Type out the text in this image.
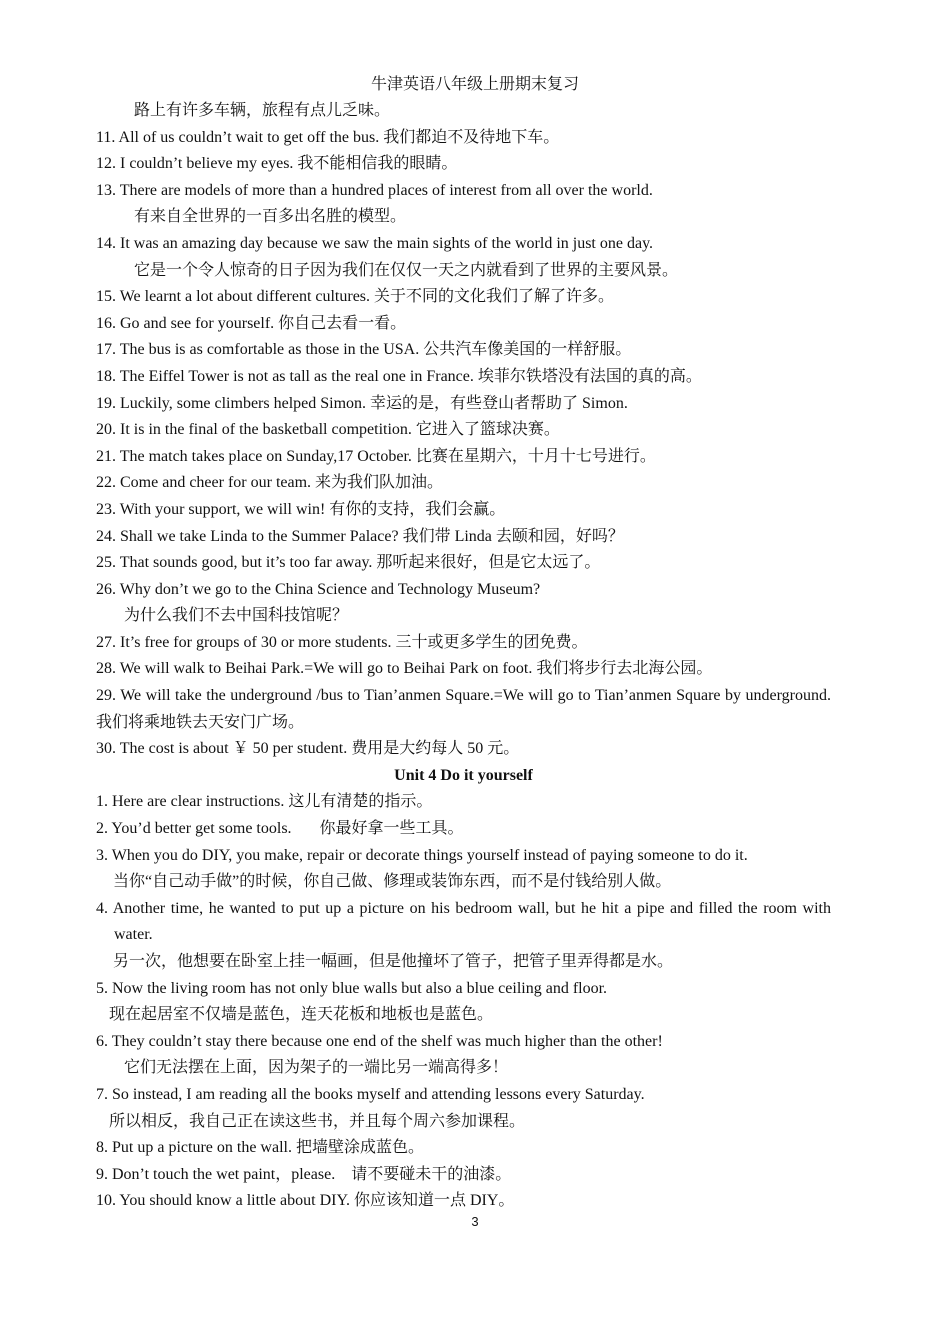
牛津英语八年级上册期末复习
路上有许多车辆，旅程有点儿乏味。
11. All of us couldn’t wait to get off the bus. 我们都迫不及待地下车。
12. I couldn’t believe my eyes. 我不能相信我的眼睛。
13. There are models of more than a hundred places of interest from all over the world.
有来自全世界的一百多出名胜的模型。
14. It was an amazing day because we saw the main sights of the world in just one day.
它是一个令人惊奇的日子因为我们在仅仅一天之内就看到了世界的主要风景。
15. We learnt a lot about different cultures. 关于不同的文化我们了解了许多。
16. Go and see for yourself. 你自己去看一看。
17. The bus is as comfortable as those in the USA. 公共汽车像美国的一样舒服。
18. The Eiffel Tower is not as tall as the real one in France. 埃菲尔铁塔没有法国的真的高。
19. Luckily, some climbers helped Simon. 幸运的是，有些登山者帮助了 Simon.
20. It is in the final of the basketball competition. 它进入了篮球决赛。
21. The match takes place on Sunday,17 October. 比赛在星期六，十月十七号进行。
22. Come and cheer for our team. 来为我们队加油。
23. With your support, we will win! 有你的支持，我们会赢。
24. Shall we take Linda to the Summer Palace? 我们带 Linda 去颐和园，好吗？
25. That sounds good, but it’s too far away. 那听起来很好，但是它太远了。
26. Why don’t we go to the China Science and Technology Museum?
为什么我们不去中国科技馆呢？
27. It’s free for groups of 30 or more students. 三十或更多学生的团免费。
28. We will walk to Beihai Park.=We will go to Beihai Park on foot. 我们将步行去北海公园。
29. We will take the underground /bus to Tian’anmen Square.=We will go to Tian’anmen Square by underground. 我们将乘地铁去天安门广场。
30. The cost is about ￥ 50 per student. 费用是大约每人 50 元。
Unit 4 Do it yourself
1. Here are clear instructions. 这儿有清楚的指示。
2. You’d better get some tools.       你最好拿一些工具。
3. When you do DIY, you make, repair or decorate things yourself instead of paying someone to do it.
当你“自己动手做”的时候，你自己做、修理或装饰东西，而不是付钱给别人做。
4. Another time, he wanted to put up a picture on his bedroom wall, but he hit a pipe and filled the room with water.
另一次，他想要在卧室上挂一幅画，但是他撞坏了管子，把管子里弄得都是水。
5. Now the living room has not only blue walls but also a blue ceiling and floor.
现在起居室不仅墙是蓝色，连天花板和地板也是蓝色。
6. They couldn’t stay there because one end of the shelf was much higher than the other!
它们无法摆在上面，因为架子的一端比另一端高得多！
7. So instead, I am reading all the books myself and attending lessons every Saturday.
所以相反，我自己正在读这些书，并且每个周六参加课程。
8. Put up a picture on the wall. 把墙壁涂成蓝色。
9. Don’t touch the wet paint，please.    请不要碰未干的油漆。
10. You should know a little about DIY. 你应该知道一点 DIY。
3
